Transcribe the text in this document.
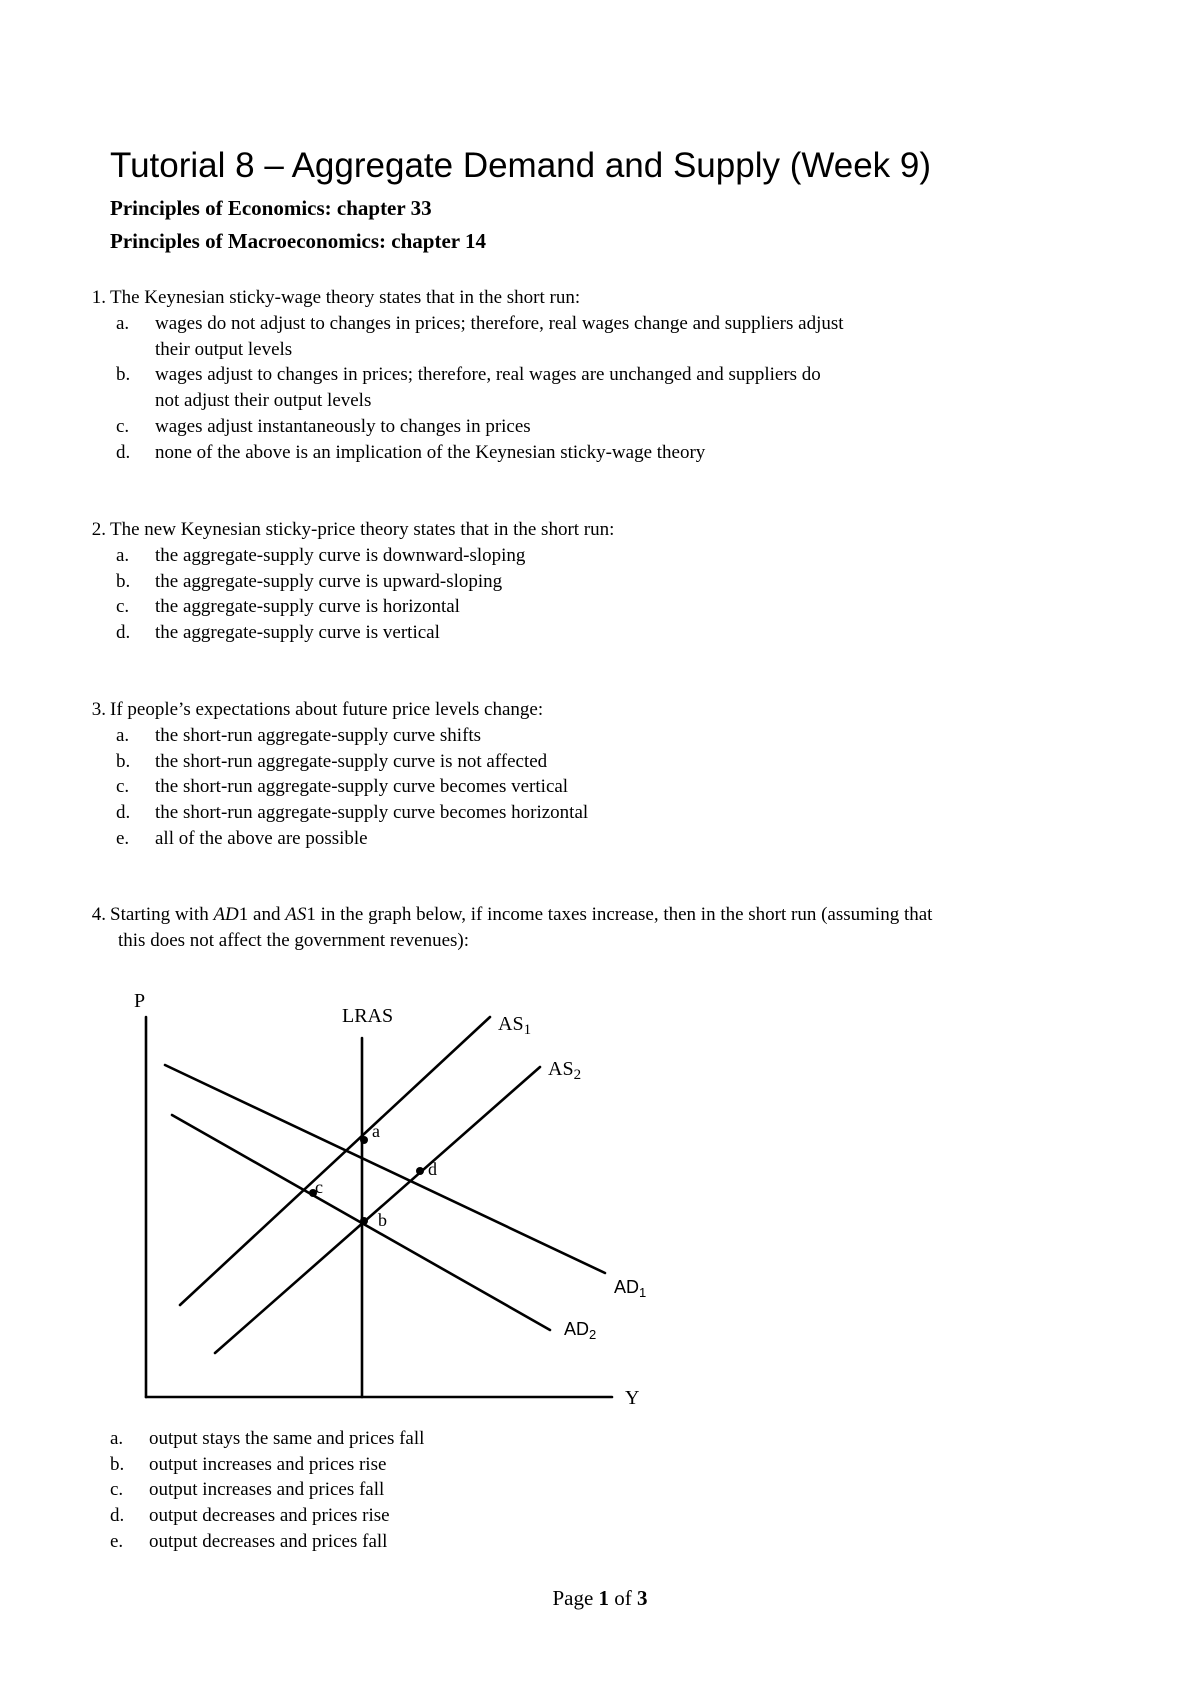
Tutorial 8 – Aggregate Demand and Supply (Week 9)
Principles of Economics: chapter 33
Principles of Macroeconomics: chapter 14
1. The Keynesian sticky-wage theory states that in the short run:
a. wages do not adjust to changes in prices; therefore, real wages change and suppliers adjust
their output levels
b. wages adjust to changes in prices; therefore, real wages are unchanged and suppliers do
not adjust their output levels
c. wages adjust instantaneously to changes in prices
d. none of the above is an implication of the Keynesian sticky-wage theory
2. The new Keynesian sticky-price theory states that in the short run:
a. the aggregate-supply curve is downward-sloping
b. the aggregate-supply curve is upward-sloping
c. the aggregate-supply curve is horizontal
d. the aggregate-supply curve is vertical
3. If people’s expectations about future price levels change:
a. the short-run aggregate-supply curve shifts
b. the short-run aggregate-supply curve is not affected
c. the short-run aggregate-supply curve becomes vertical
d. the short-run aggregate-supply curve becomes horizontal
e. all of the above are possible
4. Starting with AD1 and AS1 in the graph below, if income taxes increase, then in the short run (assuming that
this does not affect the government revenues):
P
Y
LRAS	$AS_1$
$AS_2$
a
b
c
d
$AD_1$
$AD_2$
a. output stays the same and prices fall
b. output increases and prices rise
c. output increases and prices fall
d. output decreases and prices rise
e. output decreases and prices fall
Page 1 of 3
